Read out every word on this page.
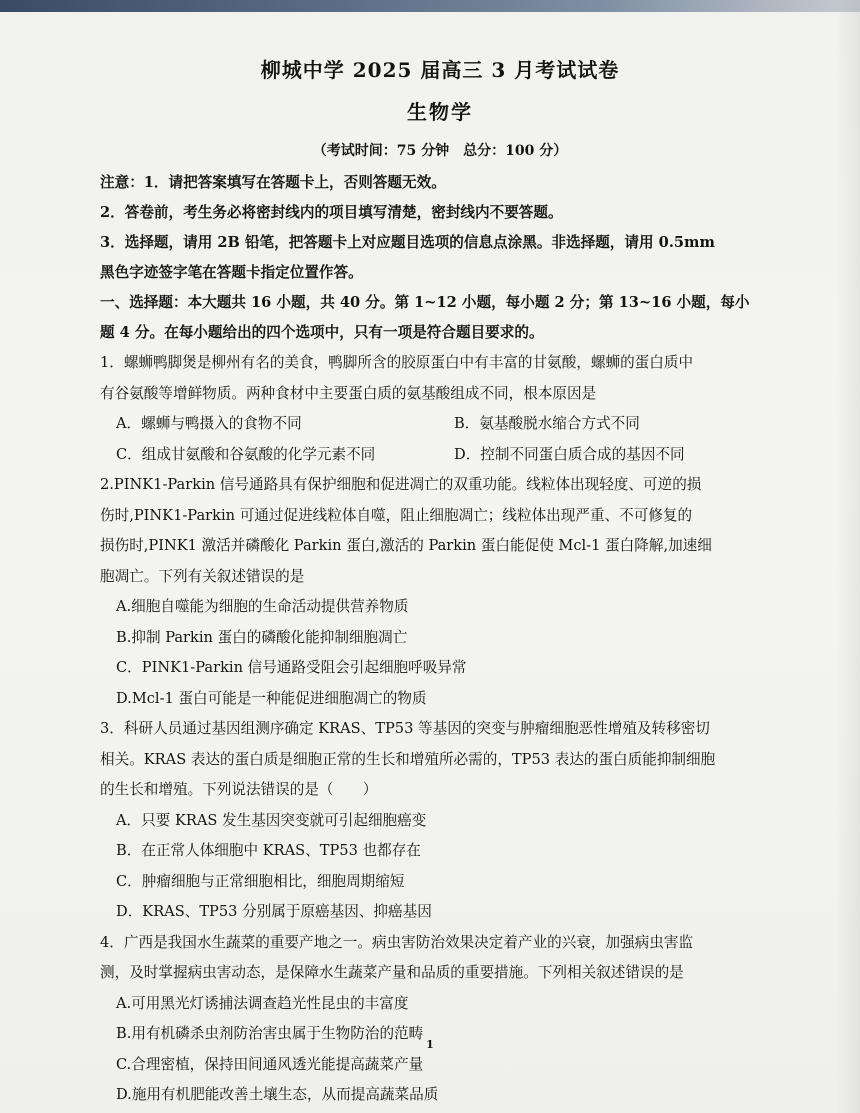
柳城中学 2025 届高三 3 月考试试卷
生物学
（考试时间：75 分钟　总分：100 分）
注意：1．请把答案填写在答题卡上，否则答题无效。
2．答卷前，考生务必将密封线内的项目填写清楚，密封线内不要答题。
3．选择题，请用 2B 铅笔，把答题卡上对应题目选项的信息点涂黑。非选择题，请用 0.5mm
黑色字迹签字笔在答题卡指定位置作答。
一、选择题：本大题共 16 小题，共 40 分。第 1~12 小题，每小题 2 分；第 13~16 小题，每小
题 4 分。在每小题给出的四个选项中，只有一项是符合题目要求的。
1．螺蛳鸭脚煲是柳州有名的美食，鸭脚所含的胶原蛋白中有丰富的甘氨酸，螺蛳的蛋白质中
有谷氨酸等增鲜物质。两种食材中主要蛋白质的氨基酸组成不同，根本原因是
A．螺蛳与鸭摄入的食物不同	B．氨基酸脱水缩合方式不同
C．组成甘氨酸和谷氨酸的化学元素不同	D．控制不同蛋白质合成的基因不同
2.PINK1-Parkin 信号通路具有保护细胞和促进凋亡的双重功能。线粒体出现轻度、可逆的损
伤时,PINK1-Parkin 可通过促进线粒体自噬，阻止细胞凋亡；线粒体出现严重、不可修复的
损伤时,PINK1 激活并磷酸化 Parkin 蛋白,激活的 Parkin 蛋白能促使 Mcl-1 蛋白降解,加速细
胞凋亡。下列有关叙述错误的是
A.细胞自噬能为细胞的生命活动提供营养物质
B.抑制 Parkin 蛋白的磷酸化能抑制细胞凋亡
C．PINK1-Parkin 信号通路受阻会引起细胞呼吸异常
D.Mcl-1 蛋白可能是一种能促进细胞凋亡的物质
3．科研人员通过基因组测序确定 KRAS、TP53 等基因的突变与肿瘤细胞恶性增殖及转移密切
相关。KRAS 表达的蛋白质是细胞正常的生长和增殖所必需的，TP53 表达的蛋白质能抑制细胞
的生长和增殖。下列说法错误的是（　　）
A．只要 KRAS 发生基因突变就可引起细胞癌变
B．在正常人体细胞中 KRAS、TP53 也都存在
C．肿瘤细胞与正常细胞相比，细胞周期缩短
D．KRAS、TP53 分别属于原癌基因、抑癌基因
4．广西是我国水生蔬菜的重要产地之一。病虫害防治效果决定着产业的兴衰，加强病虫害监
测，及时掌握病虫害动态，是保障水生蔬菜产量和品质的重要措施。下列相关叙述错误的是
A.可用黑光灯诱捕法调查趋光性昆虫的丰富度
B.用有机磷杀虫剂防治害虫属于生物防治的范畴
C.合理密植，保持田间通风透光能提高蔬菜产量
D.施用有机肥能改善土壤生态，从而提高蔬菜品质
1
